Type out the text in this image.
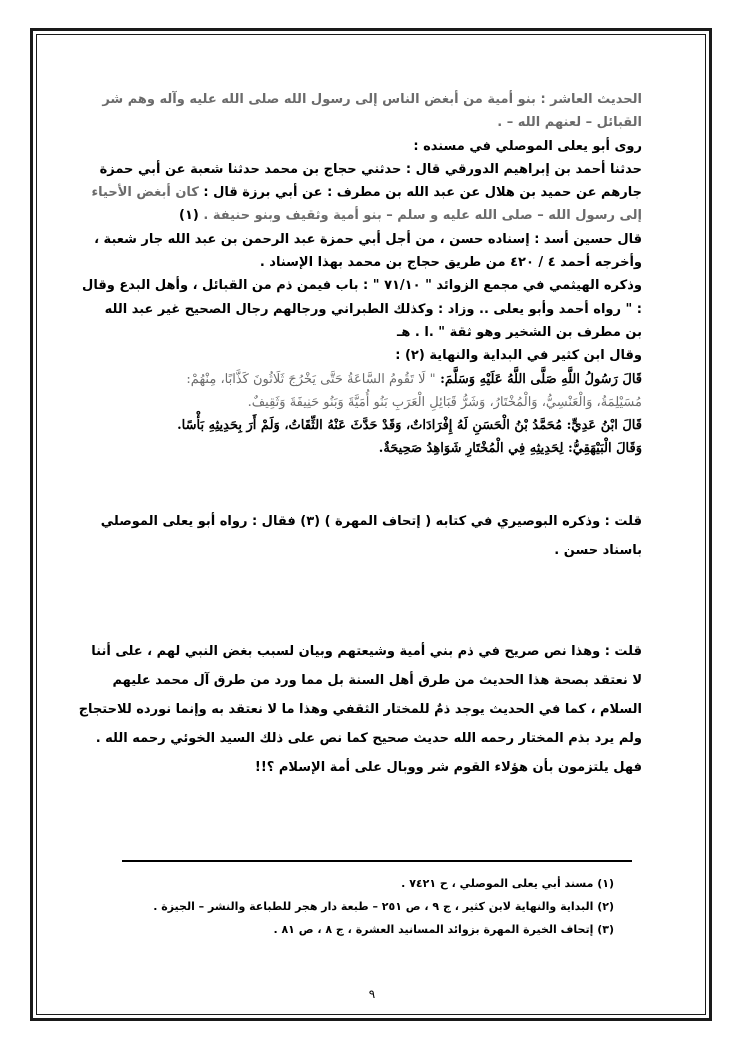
الحديث العاشر : بنو أمية من أبغض الناس إلى رسول الله صلى الله عليه وآله وهم شر

القبائل – لعنهم الله – .

روى أبو يعلى الموصلي في مسنده :

حدثنا أحمد بن إبراهيم الدورقي قال : حدثني حجاج بن محمد حدثنا شعبة عن أبي حمزة

جارهم عن حميد بن هلال عن عبد الله بن مطرف : عن أبي برزة قال : كان أبغض الأحياء

إلى رسول الله – صلى الله عليه و سلم – بنو أمية وثقيف وبنو حنيفة . (١)

قال حسين أسد : إسناده حسن ، من أجل أبي حمزة عبد الرحمن بن عبد الله جار شعبة ،

وأخرجه أحمد ٤ / ٤٢٠ من طريق حجاج بن محمد بهذا الإسناد .

وذكره الهيثمي في مجمع الزوائد " ٧١/١٠ " : باب فيمن ذم من القبائل ، وأهل البدع وقال

: " رواه أحمد وأبو يعلى .. وزاد : وكذلك الطبراني ورجالهم رجال الصحيح غير عبد الله

بن مطرف بن الشخير وهو ثقة " .ا . هـ

وقال ابن كثير في البداية والنهاية (٢) :

قَالَ رَسُولُ اللَّهِ صَلَّى اللَّهُ عَلَيْهِ وَسَلَّمَ: " لَا تَقُومُ السَّاعَةُ حَتَّى يَخْرُجَ ثَلَاثُونَ كَذَّابًا، مِنْهُمْ:

مُسَيْلِمَةُ، وَالْعَنْسِيُّ، وَالْمُخْتَارُ، وَشَرُّ قَبَائِلِ الْعَرَبِ بَنُو أُمَيَّةَ وَبَنُو حَنِيفَةَ وَثَقِيفٌ.

قَالَ ابْنُ عَدِيٍّ: مُحَمَّدُ بْنُ الْحَسَنِ لَهُ إِفْرَادَاتٌ، وَقَدْ حَدَّثَ عَنْهُ الثِّقَاتُ، وَلَمْ أَرَ بِحَدِيثِهِ بَأْسًا.

وَقَالَ الْبَيْهَقِيُّ: لِحَدِيثِهِ فِي الْمُخْتَارِ شَوَاهِدُ صَحِيحَةٌ.

قلت : وذكره البوصيري في كتابه ( إتحاف المهرة ) (٣) فقال : رواه أبو يعلى الموصلي

باسناد حسن .

قلت : وهذا نص صريح في ذم بني أمية وشيعتهم وبيان لسبب بغض النبي لهم ، على أننا

لا نعتقد بصحة هذا الحديث من طرق أهل السنة بل مما ورد من طرق آل محمد عليهم

السلام ، كما في الحديث يوجد ذمٌ للمختار الثقفي وهذا ما لا نعتقد به وإنما نورده للاحتجاج

ولم يرد بذم المختار رحمه الله حديث صحيح كما نص على ذلك السيد الخوئي رحمه الله .

فهل يلتزمون بأن هؤلاء القوم شر ووبال على أمة الإسلام ؟!!

(١) مسند أبي يعلى الموصلي ، ح ٧٤٢١ .

(٢) البداية والنهاية لابن كثير ، ج ٩ ، ص ٢٥١ – طبعة دار هجر للطباعة والنشر – الجيزة .

(٣) إتحاف الخيرة المهرة بزوائد المسانيد العشرة ، ج ٨ ، ص ٨١ .

٩
